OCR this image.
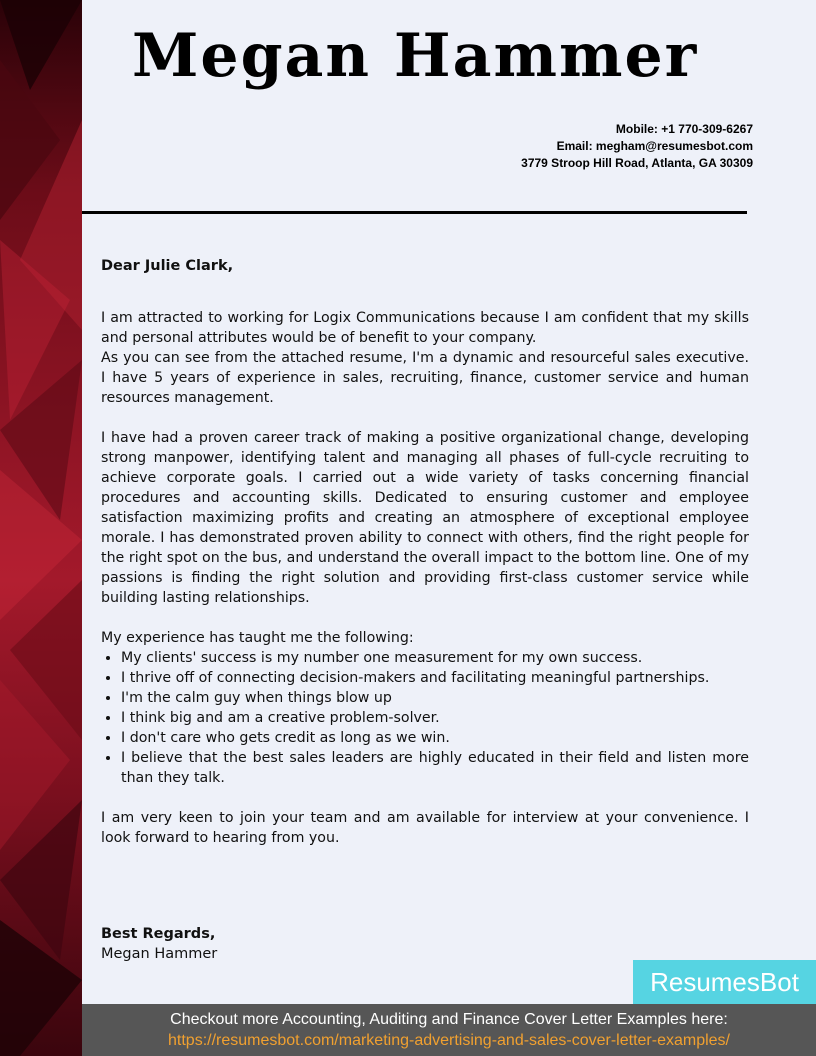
Megan Hammer
Mobile: +1 770-309-6267
Email: megham@resumesbot.com
3779 Stroop Hill Road, Atlanta, GA 30309

Dear Julie Clark,

I am attracted to working for Logix Communications because I am confident that my skills and personal attributes would be of benefit to your company.

As you can see from the attached resume, I'm a dynamic and resourceful sales executive. I have 5 years of experience in sales, recruiting, finance, customer service and human resources management.

I have had a proven career track of making a positive organizational change, developing strong manpower, identifying talent and managing all phases of full-cycle recruiting to achieve corporate goals. I carried out a wide variety of tasks concerning financial procedures and accounting skills. Dedicated to ensuring customer and employee satisfaction maximizing profits and creating an atmosphere of exceptional employee morale. I has demonstrated proven ability to connect with others, find the right people for the right spot on the bus, and understand the overall impact to the bottom line. One of my passions is finding the right solution and providing first-class customer service while building lasting relationships.

My experience has taught me the following:

• My clients' success is my number one measurement for my own success.
• I thrive off of connecting decision-makers and facilitating meaningful partnerships.
• I'm the calm guy when things blow up
• I think big and am a creative problem-solver.
• I don't care who gets credit as long as we win.
• I believe that the best sales leaders are highly educated in their field and listen more than they talk.

I am very keen to join your team and am available for interview at your convenience. I look forward to hearing from you.

Best Regards,
Megan Hammer
ResumesBot
Checkout more Accounting, Auditing and Finance Cover Letter Examples here:
https://resumesbot.com/marketing-advertising-and-sales-cover-letter-examples/
